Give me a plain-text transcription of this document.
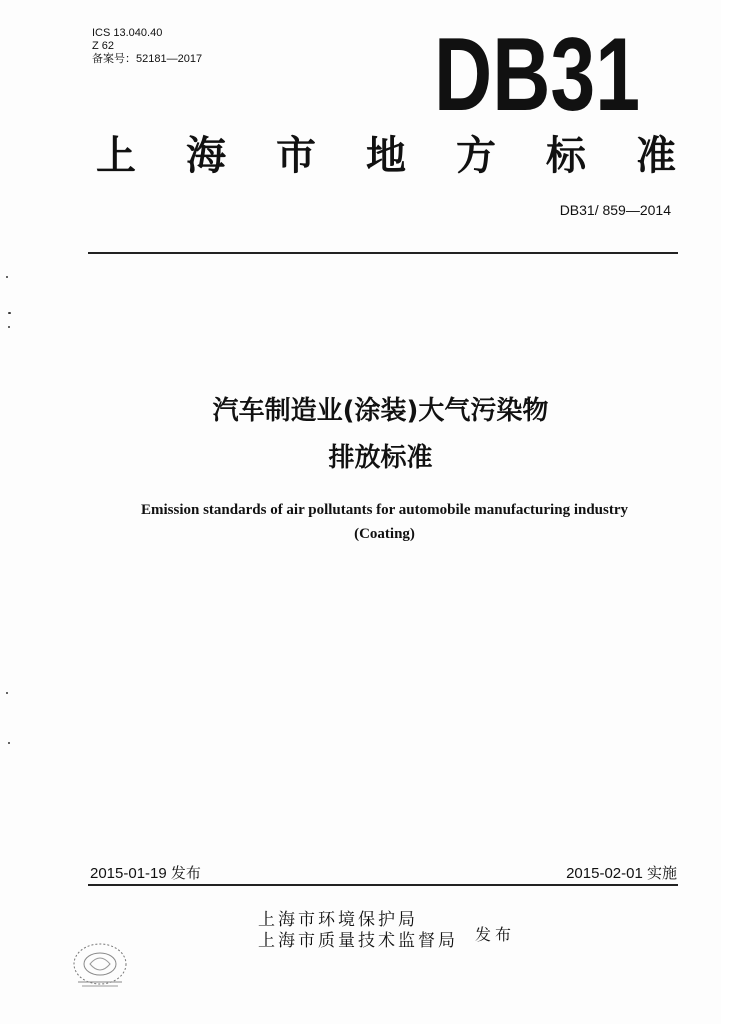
ICS 13.040.40
Z 62
备案号：52181—2017 DB31
上 海 市 地 方 标 准
DB31/ 859—2014
汽车制造业(涂装)大气污染物
排放标准
Emission standards of air pollutants for automobile manufacturing industry
(Coating)
2015-01-19 发布	2015-02-01 实施
上海市环境保护局
上海市质量技术监督局 发布
